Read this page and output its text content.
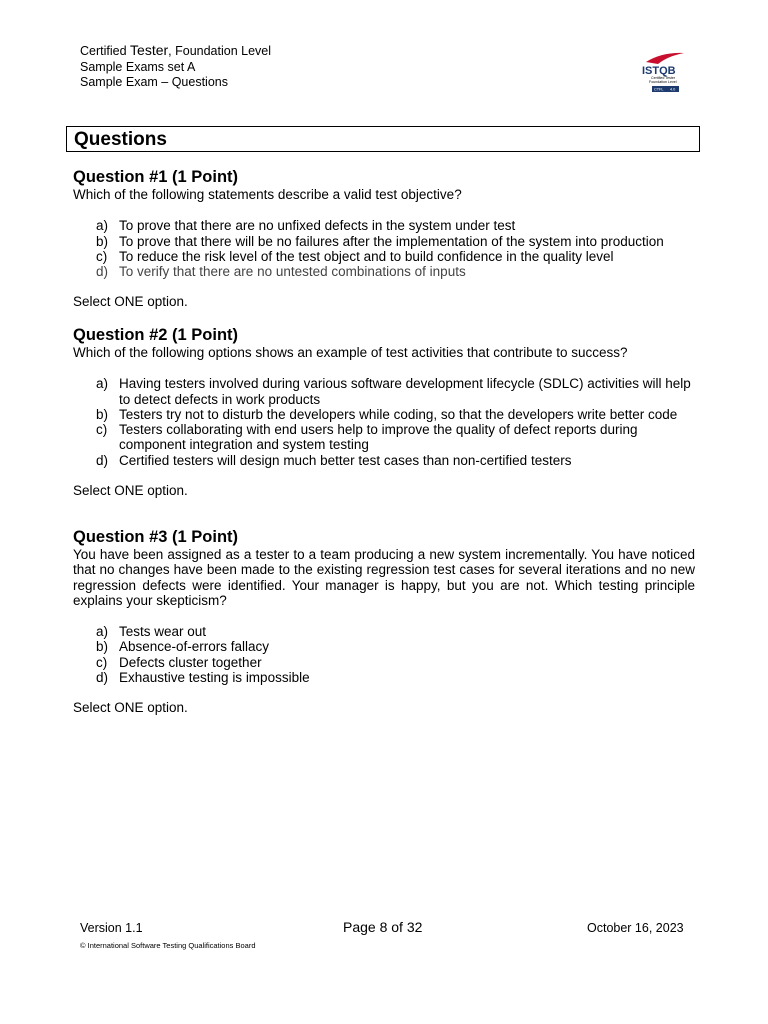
Certified Tester, Foundation Level
Sample Exams set A
Sample Exam – Questions
ISTQB
Certified Tester
Foundation Level
CTFL 4.0
Questions
Question #1 (1 Point)

Which of the following statements describe a valid test objective?

a) To prove that there are no unfixed defects in the system under test
b) To prove that there will be no failures after the implementation of the system into production
c) To reduce the risk level of the test object and to build confidence in the quality level
d) To verify that there are no untested combinations of inputs

Select ONE option.

Question #2 (1 Point)

Which of the following options shows an example of test activities that contribute to success?

a) Having testers involved during various software development lifecycle (SDLC) activities will help to detect defects in work products
b) Testers try not to disturb the developers while coding, so that the developers write better code
c) Testers collaborating with end users help to improve the quality of defect reports during component integration and system testing
d) Certified testers will design much better test cases than non-certified testers

Select ONE option.

Question #3 (1 Point)

You have been assigned as a tester to a team producing a new system incrementally. You have noticed that no changes have been made to the existing regression test cases for several iterations and no new regression defects were identified. Your manager is happy, but you are not. Which testing principle explains your skepticism?

a) Tests wear out
b) Absence-of-errors fallacy
c) Defects cluster together
d) Exhaustive testing is impossible

Select ONE option.

Version 1.1	Page 8 of 32	October 16, 2023
© International Software Testing Qualifications Board
